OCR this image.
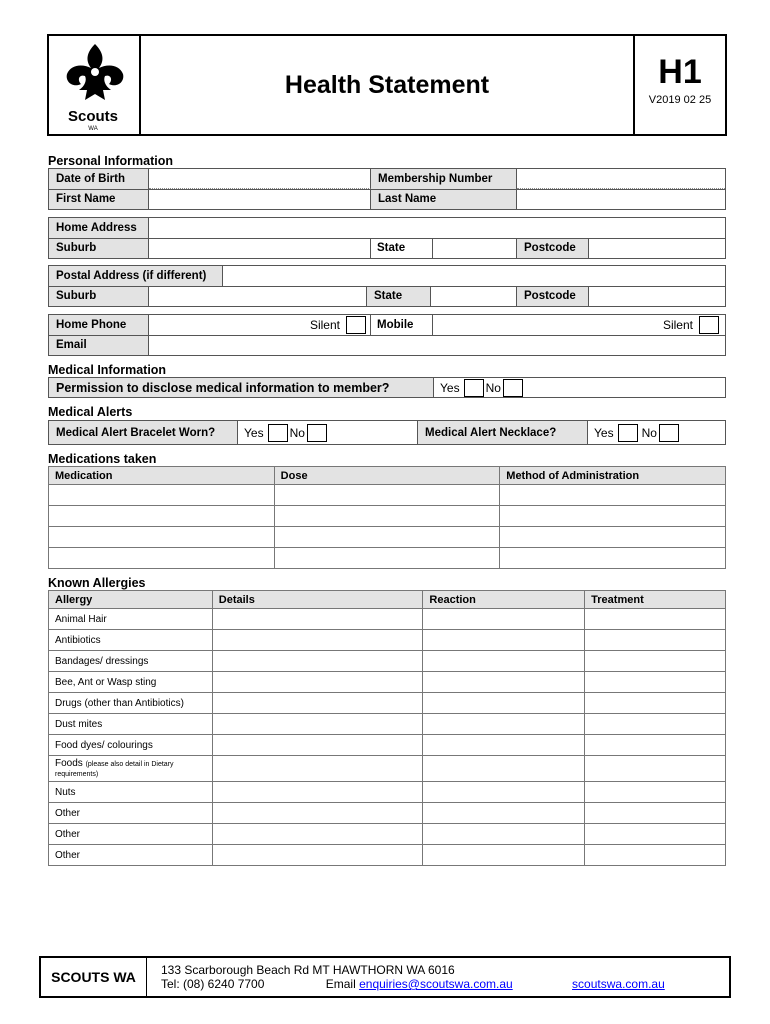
Scouts
WA
Health Statement	H1
V2019 02 25
Personal Information
Date of Birth	Membership Number
First Name	Last Name
Home Address
Suburb	State	Postcode
Postal Address (if different)
Suburb	State	Postcode
Home Phone	Silent	Mobile	Silent
Email
Medical Information
Permission to disclose medical information to member?	Yes No
Medical Alerts
Medical Alert Bracelet Worn?	Yes No	Medical Alert Necklace?	Yes No
Medications taken
Medication	Dose	Method of Administration

Known Allergies
Allergy	Details	Reaction	Treatment
Animal Hair			
Antibiotics			
Bandages/ dressings			
Bee, Ant or Wasp sting			
Drugs (other than Antibiotics)			
Dust mites			
Food dyes/ colourings			
Foods (please also detail in Dietary requirements)			
Nuts			
Other			
Other			
Other			
SCOUTS WA	133 Scarborough Beach Rd MT HAWTHORN WA 6016
Tel: (08) 6240 7700	Email enquiries@scoutswa.com.au	scoutswa.com.au
